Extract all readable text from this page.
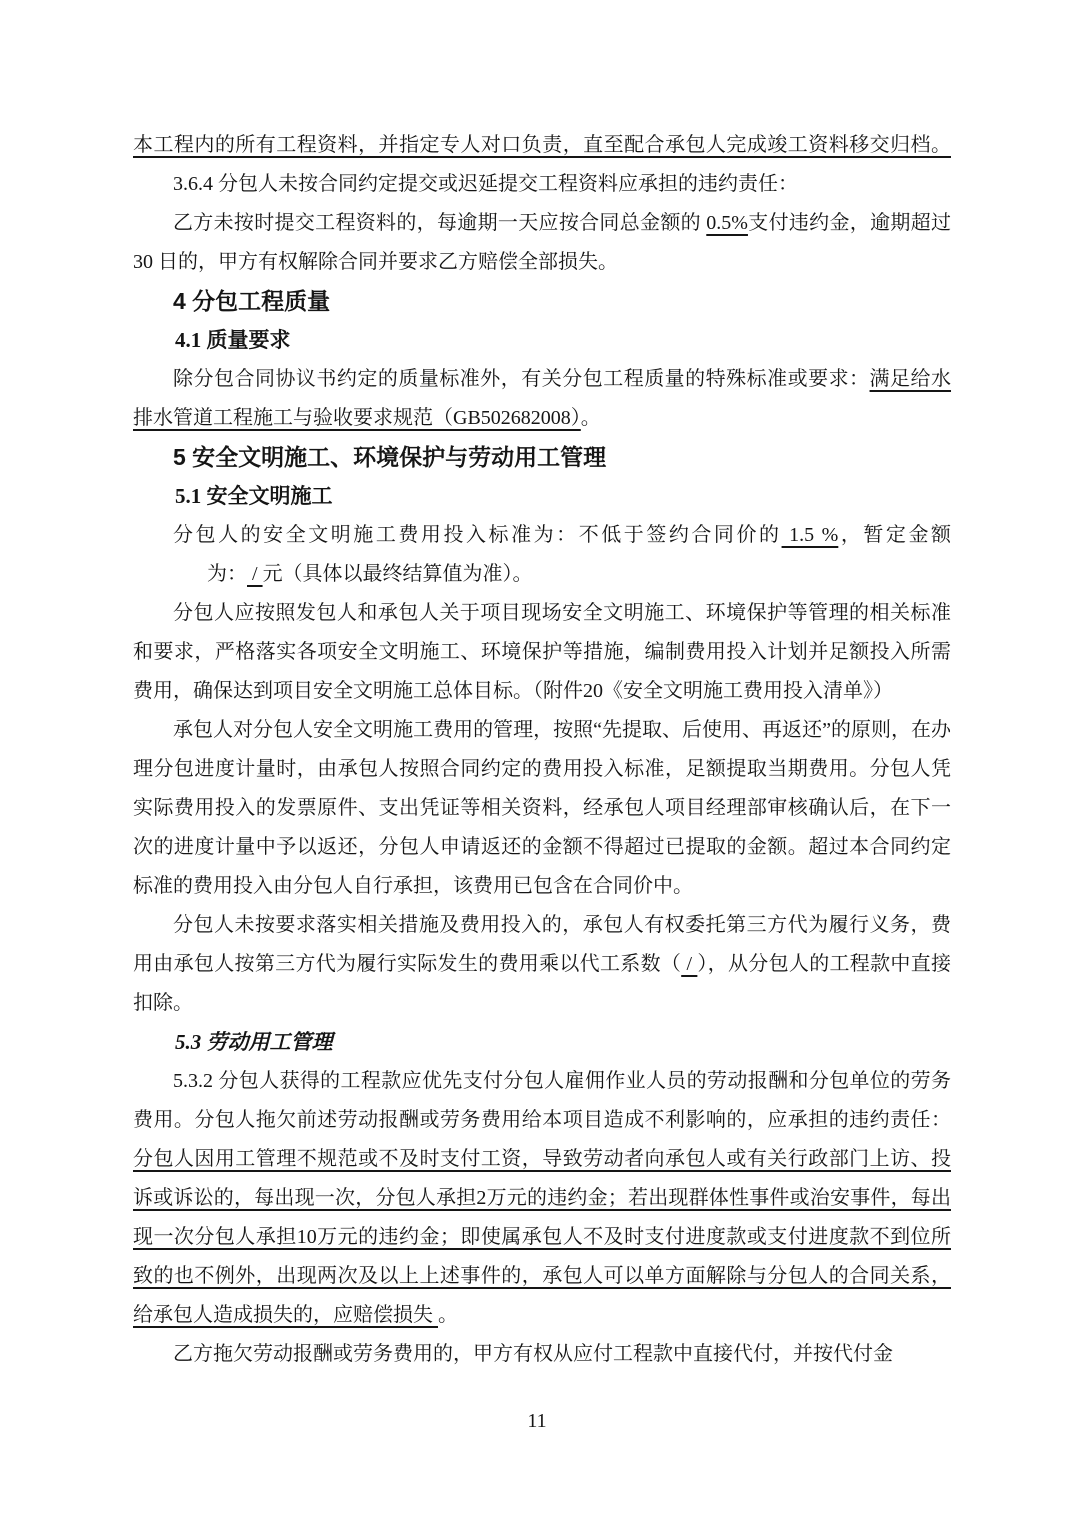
本工程内的所有工程资料，并指定专人对口负责，直至配合承包人完成竣工资料移交归档。
3.6.4 分包人未按合同约定提交或迟延提交工程资料应承担的违约责任：
乙方未按时提交工程资料的，每逾期一天应按合同总金额的 0.5%支付违约金，逾期超过 30 日的，甲方有权解除合同并要求乙方赔偿全部损失。
4 分包工程质量
4.1 质量要求
除分包合同协议书约定的质量标准外，有关分包工程质量的特殊标准或要求：满足给水排水管道工程施工与验收要求规范（GB502682008）。
5 安全文明施工、环境保护与劳动用工管理
5.1 安全文明施工
分包人的安全文明施工费用投入标准为：不低于签约合同价的 1.5 %，暂定金额
为： / 元（具体以最终结算值为准）。
分包人应按照发包人和承包人关于项目现场安全文明施工、环境保护等管理的相关标准和要求，严格落实各项安全文明施工、环境保护等措施，编制费用投入计划并足额投入所需费用，确保达到项目安全文明施工总体目标。（附件20《安全文明施工费用投入清单》）
承包人对分包人安全文明施工费用的管理，按照“先提取、后使用、再返还”的原则，在办理分包进度计量时，由承包人按照合同约定的费用投入标准，足额提取当期费用。分包人凭实际费用投入的发票原件、支出凭证等相关资料，经承包人项目经理部审核确认后，在下一次的进度计量中予以返还，分包人申请返还的金额不得超过已提取的金额。超过本合同约定标准的费用投入由分包人自行承担，该费用已包含在合同价中。
分包人未按要求落实相关措施及费用投入的，承包人有权委托第三方代为履行义务，费用由承包人按第三方代为履行实际发生的费用乘以代工系数（ / ），从分包人的工程款中直接扣除。
5.3 劳动用工管理
5.3.2 分包人获得的工程款应优先支付分包人雇佣作业人员的劳动报酬和分包单位的劳务费用。分包人拖欠前述劳动报酬或劳务费用给本项目造成不利影响的，应承担的违约责任：分包人因用工管理不规范或不及时支付工资，导致劳动者向承包人或有关行政部门上访、投诉或诉讼的，每出现一次，分包人承担2万元的违约金；若出现群体性事件或治安事件，每出现一次分包人承担10万元的违约金；即使属承包人不及时支付进度款或支付进度款不到位所致的也不例外，出现两次及以上上述事件的，承包人可以单方面解除与分包人的合同关系，给承包人造成损失的，应赔偿损失 。
乙方拖欠劳动报酬或劳务费用的，甲方有权从应付工程款中直接代付，并按代付金
11
